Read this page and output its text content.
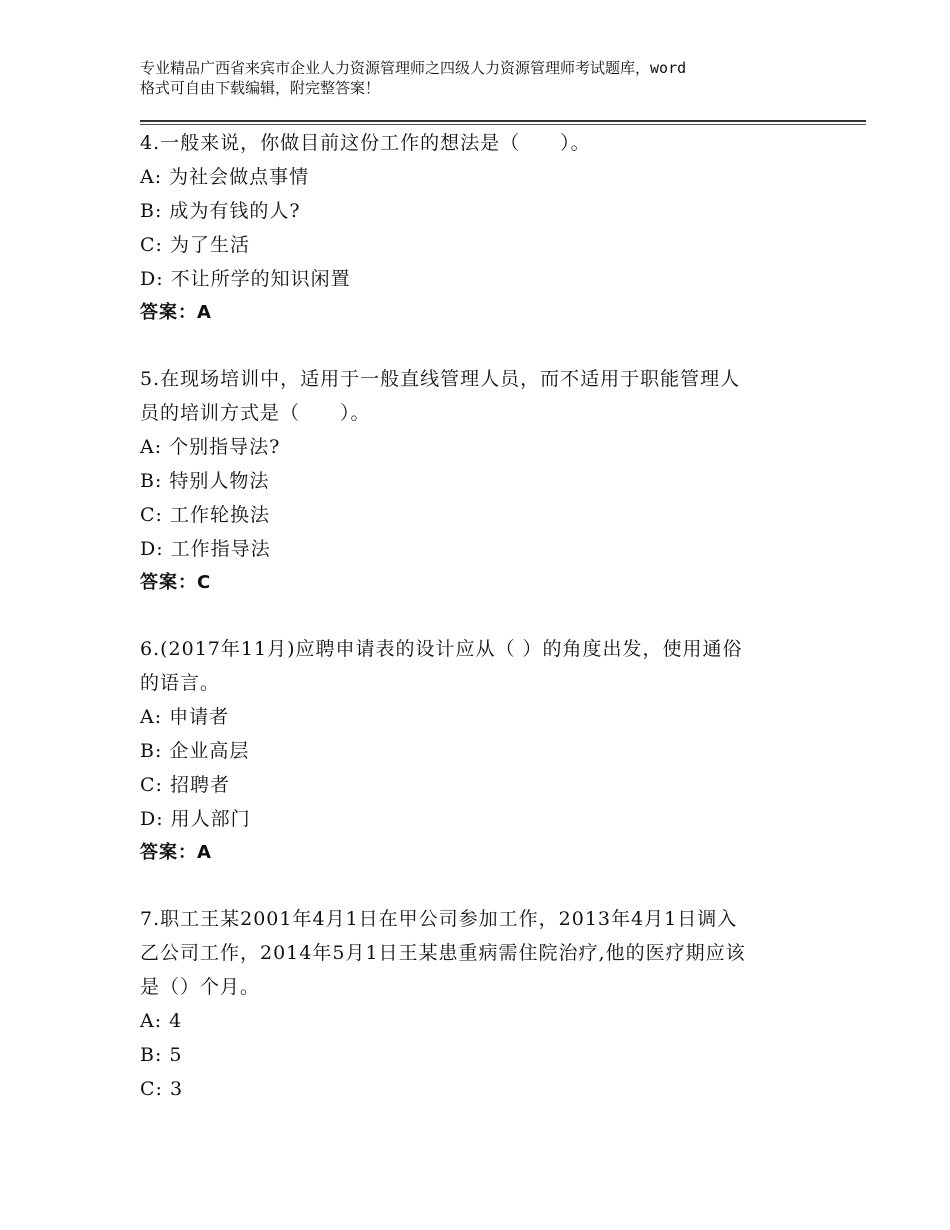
专业精品广西省来宾市企业人力资源管理师之四级人力资源管理师考试题库，word
格式可自由下载编辑，附完整答案！
4.一般来说，你做目前这份工作的想法是（　　）。
A: 为社会做点事情
B: 成为有钱的人?
C: 为了生活
D: 不让所学的知识闲置
答案：A
5.在现场培训中，适用于一般直线管理人员，而不适用于职能管理人
员的培训方式是（　　）。
A: 个别指导法?
B: 特别人物法
C: 工作轮换法
D: 工作指导法
答案：C
6.(2017年11月)应聘申请表的设计应从（ ）的角度出发，使用通俗
的语言。
A: 申请者
B: 企业高层
C: 招聘者
D: 用人部门
答案：A
7.职工王某2001年4月1日在甲公司参加工作，2013年4月1日调入
乙公司工作，2014年5月1日王某患重病需住院治疗,他的医疗期应该
是（）个月。
A: 4
B: 5
C: 3
